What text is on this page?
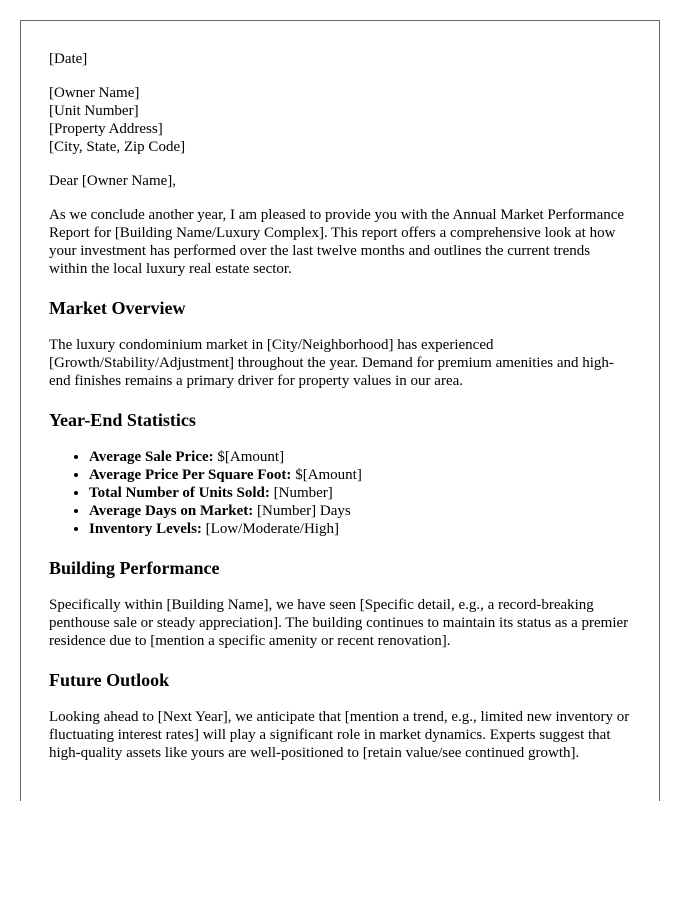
[Date]

[Owner Name]

[Unit Number]

[Property Address]

[City, State, Zip Code]

Dear [Owner Name],

As we conclude another year, I am pleased to provide you with the Annual Market Performance Report for [Building Name/Luxury Complex]. This report offers a comprehensive look at how your investment has performed over the last twelve months and outlines the current trends within the local luxury real estate sector.

Market Overview

The luxury condominium market in [City/Neighborhood] has experienced [Growth/Stability/Adjustment] throughout the year. Demand for premium amenities and high-end finishes remains a primary driver for property values in our area.

Year-End Statistics
• Average Sale Price: $[Amount]
• Average Price Per Square Foot: $[Amount]
• Total Number of Units Sold: [Number]
• Average Days on Market: [Number] Days
• Inventory Levels: [Low/Moderate/High]
Building Performance

Specifically within [Building Name], we have seen [Specific detail, e.g., a record-breaking penthouse sale or steady appreciation]. The building continues to maintain its status as a premier residence due to [mention a specific amenity or recent renovation].

Future Outlook

Looking ahead to [Next Year], we anticipate that [mention a trend, e.g., limited new inventory or fluctuating interest rates] will play a significant role in market dynamics. Experts suggest that high-quality assets like yours are well-positioned to [retain value/see continued growth].
